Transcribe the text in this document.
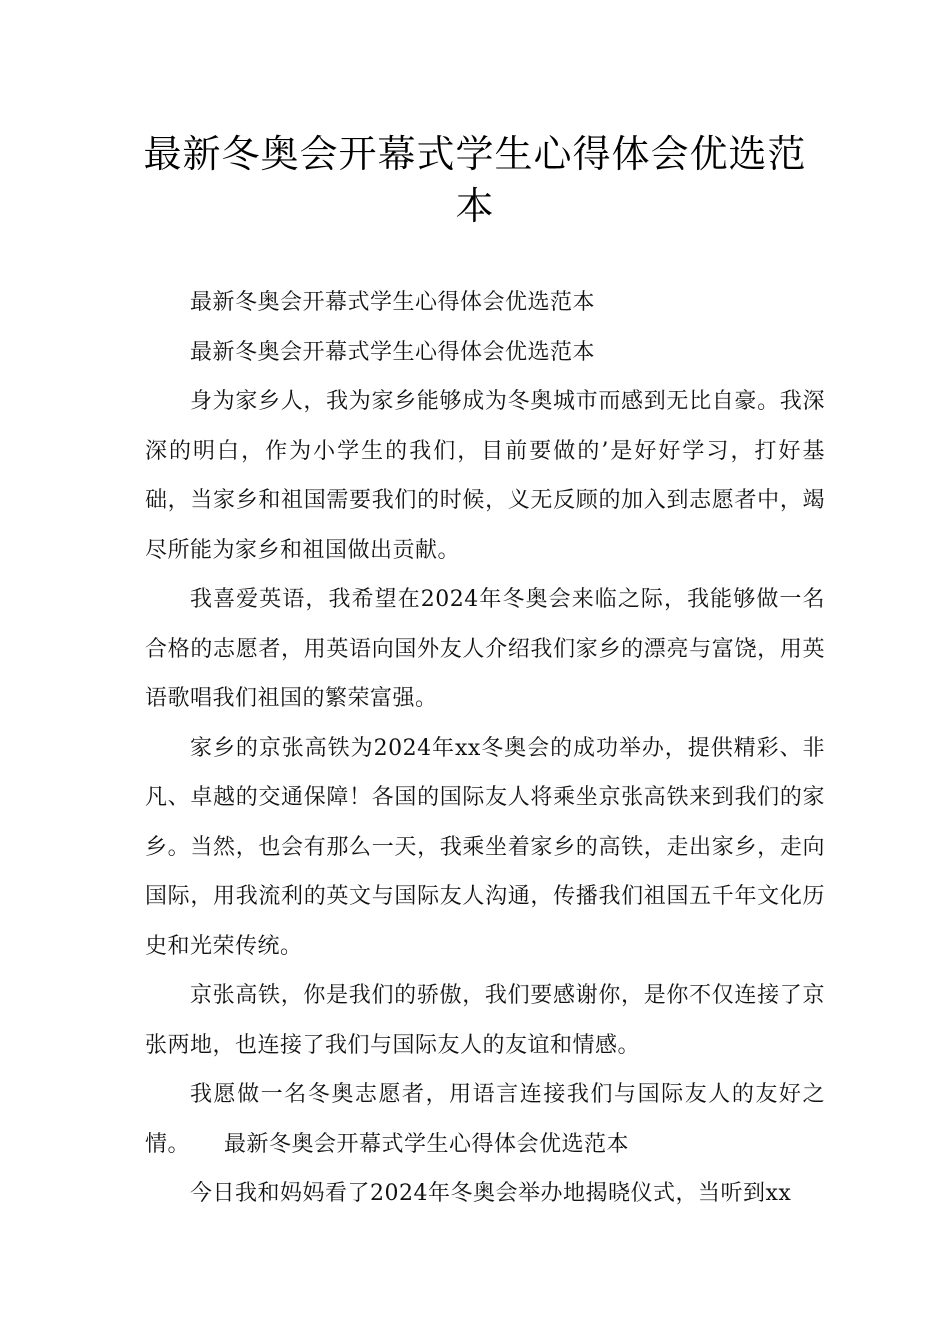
最新冬奥会开幕式学生心得体会优选范本

最新冬奥会开幕式学生心得体会优选范本

最新冬奥会开幕式学生心得体会优选范本

身为家乡人，我为家乡能够成为冬奥城市而感到无比自豪。我深深的明白，作为小学生的我们，目前要做的’是好好学习，打好基础，当家乡和祖国需要我们的时候，义无反顾的加入到志愿者中，竭尽所能为家乡和祖国做出贡献。

我喜爱英语，我希望在2024年冬奥会来临之际，我能够做一名合格的志愿者，用英语向国外友人介绍我们家乡的漂亮与富饶，用英语歌唱我们祖国的繁荣富强。

家乡的京张高铁为2024年xx冬奥会的成功举办，提供精彩、非凡、卓越的交通保障！各国的国际友人将乘坐京张高铁来到我们的家乡。当然，也会有那么一天，我乘坐着家乡的高铁，走出家乡，走向国际，用我流利的英文与国际友人沟通，传播我们祖国五千年文化历史和光荣传统。

京张高铁，你是我们的骄傲，我们要感谢你，是你不仅连接了京张两地，也连接了我们与国际友人的友谊和情感。

我愿做一名冬奥志愿者，用语言连接我们与国际友人的友好之情。　　最新冬奥会开幕式学生心得体会优选范本

今日我和妈妈看了2024年冬奥会举办地揭晓仪式，当听到xx
